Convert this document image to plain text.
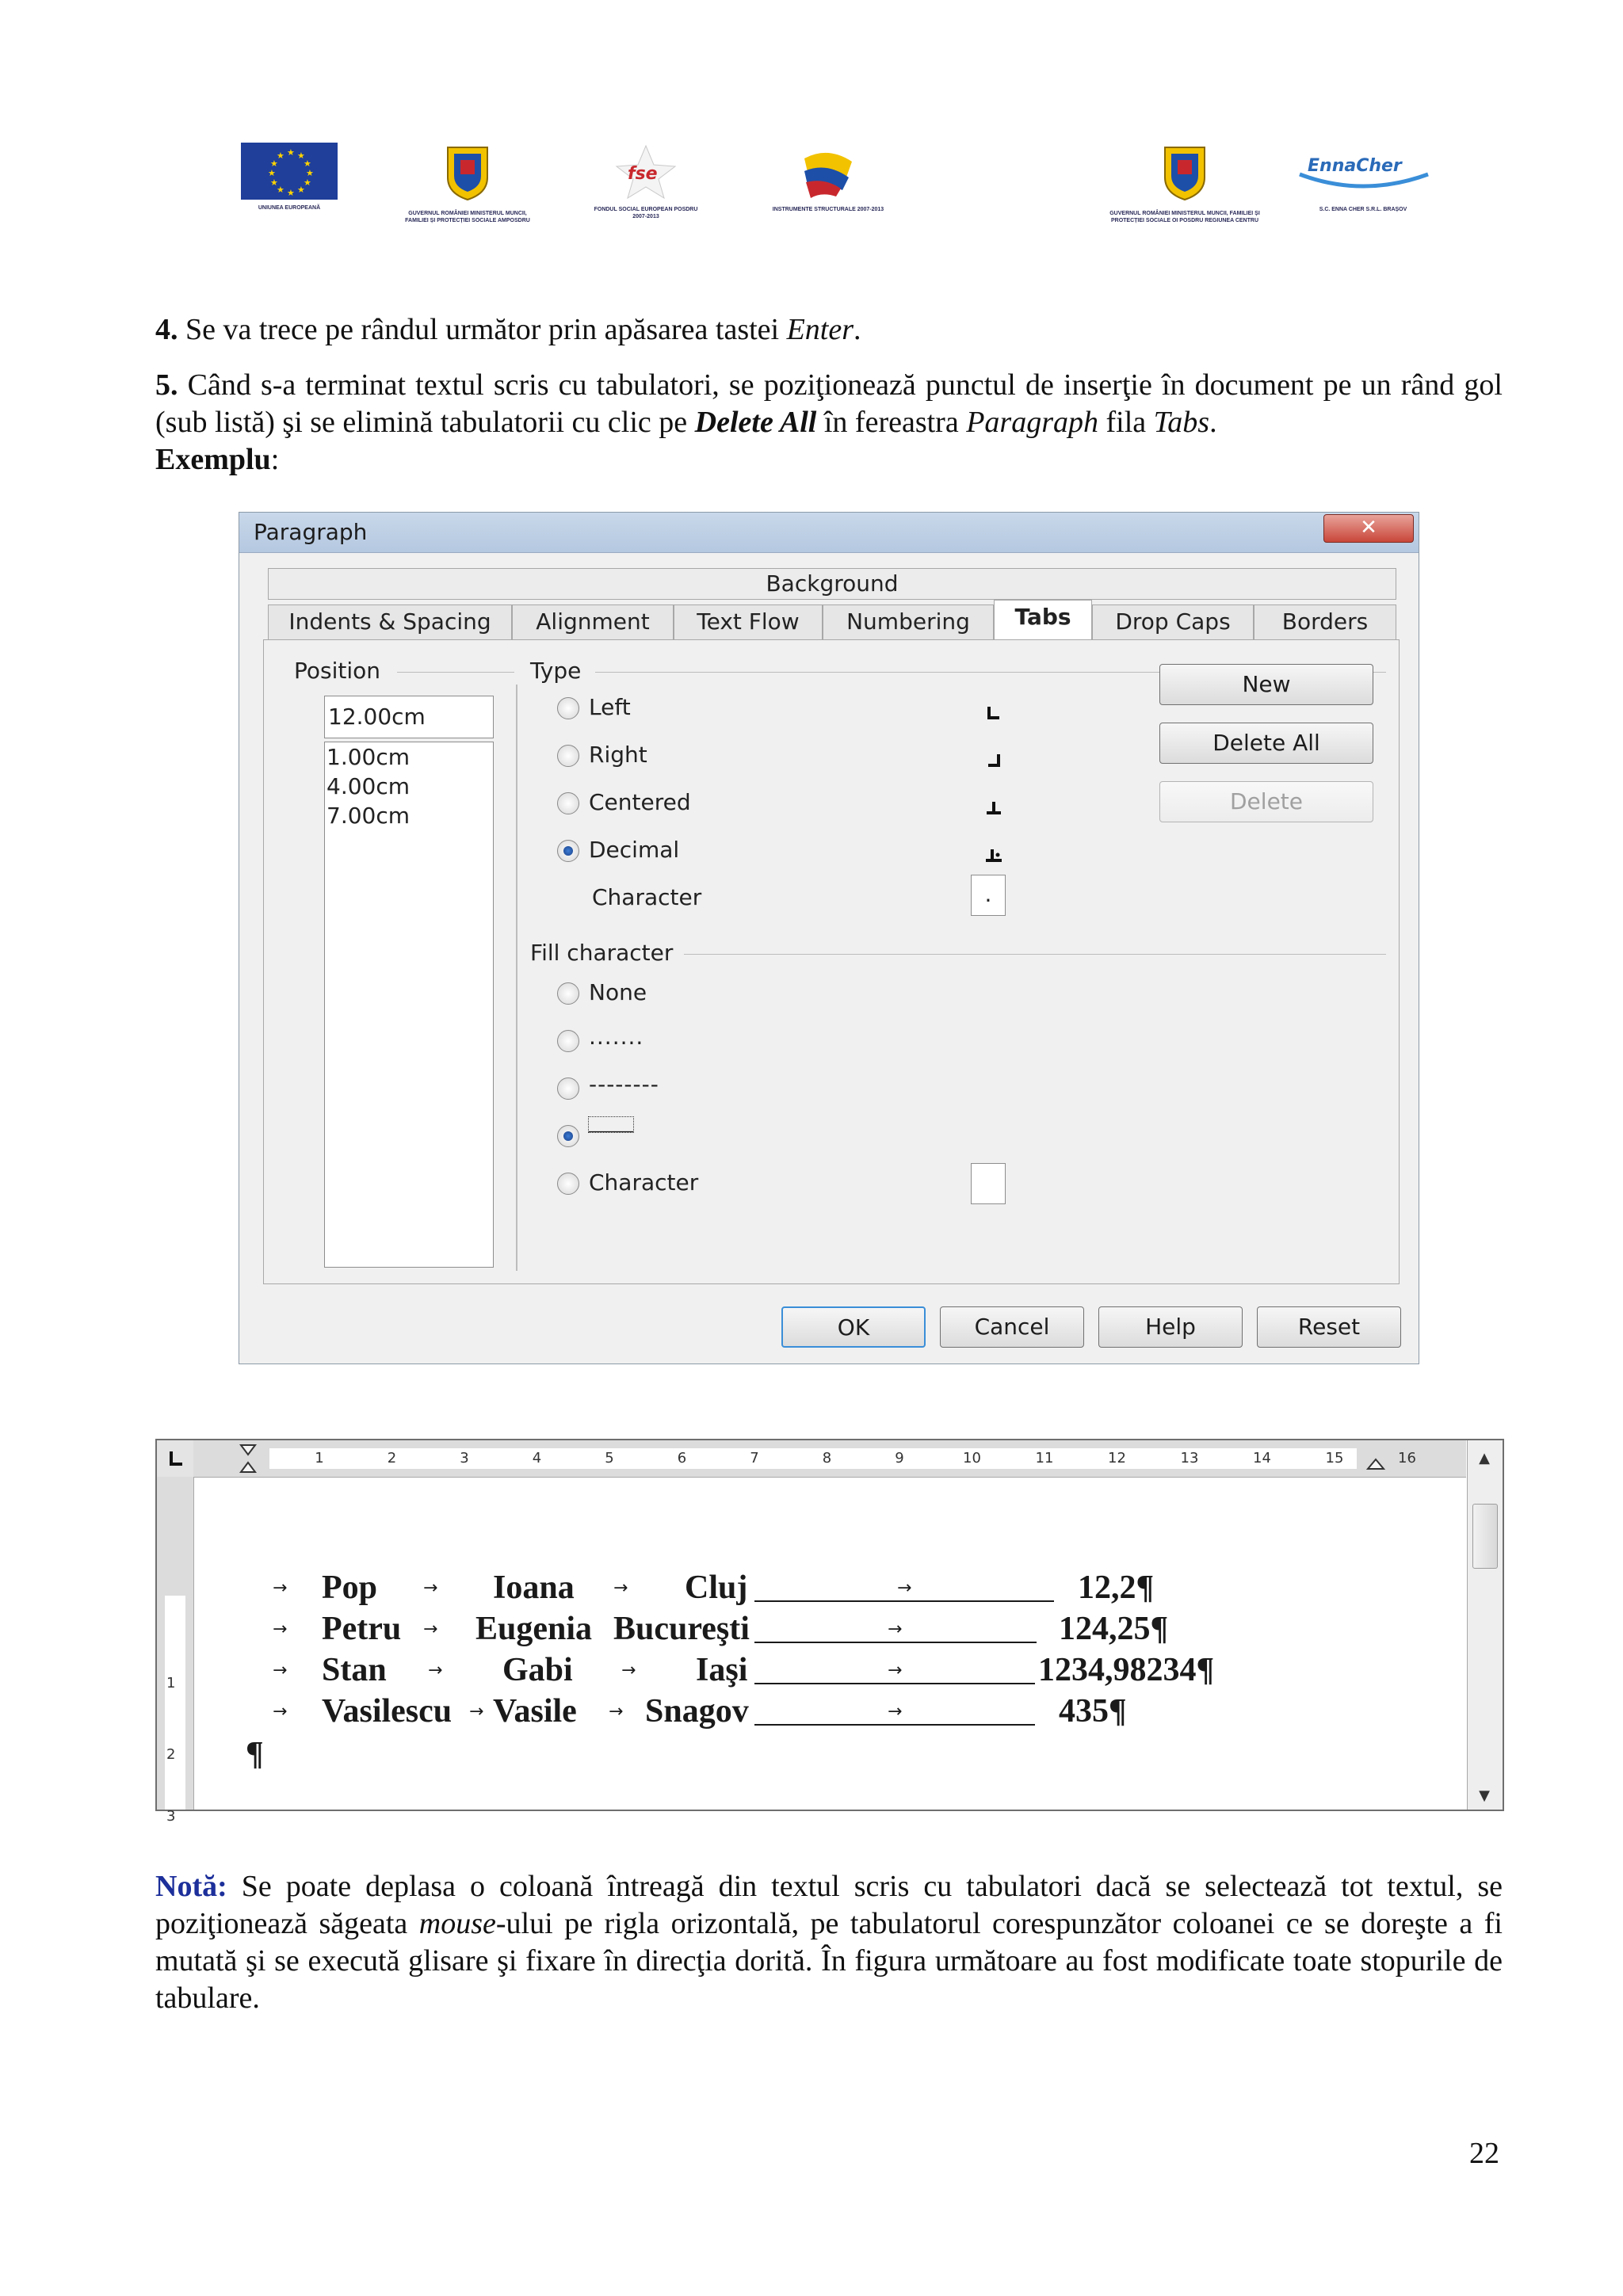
★ ★
★
★
★
★
★
★
★
★
★
★
UNIUNEA EUROPEANĂ
GUVERNUL ROMÂNIEI MINISTERUL MUNCII, FAMILIEI ȘI PROTECȚIEI SOCIALE AMPOSDRU
fse
FONDUL SOCIAL EUROPEAN POSDRU 2007-2013
INSTRUMENTE STRUCTURALE 2007-2013
GUVERNUL ROMÂNIEI MINISTERUL MUNCII, FAMILIEI ȘI PROTECȚIEI SOCIALE OI POSDRU REGIUNEA CENTRU
EnnaCher
S.C. ENNA CHER S.R.L. BRAȘOV
4. Se va trece pe rândul următor prin apăsarea tastei Enter.
5. Când s-a terminat textul scris cu tabulatori, se poziţionează punctul de inserţie în document pe un rând gol (sub listă) şi se elimină tabulatorii cu clic pe Delete All în fereastra Paragraph fila Tabs.
Exemplu:
Paragraph	✕
Background
Indents & Spacing	Alignment	Text Flow	Numbering	Tabs	Drop Caps	Borders
Position
12.00cm
1.00cm
4.00cm
7.00cm
Type
Left
Right
Centered
Decimal
Character	.
Fill character
None
.......
--------
_______
Character
New
Delete All
Delete
OK	Cancel	Help	Reset
1	2	3	4	5	6	7	8	9	10	11	12	13	14	15	16
1
2
3
▲
▼
→ Pop	→ Ioana → Cluj	→	12,2¶
→ Petru → Eugenia Bucureşti	→	124,25¶
→ Stan → Gabi	→ Iaşi	→	1234,98234¶
→ Vasilescu → Vasile → Snagov	→	435¶
¶
Notă: Se poate deplasa o coloană întreagă din textul scris cu tabulatori dacă se selectează tot textul, se poziţionează săgeata mouse-ului pe rigla orizontală, pe tabulatorul corespunzător coloanei ce se doreşte a fi mutată şi se execută glisare şi fixare în direcţia dorită. În figura următoare au fost modificate toate stopurile de tabulare.
22
